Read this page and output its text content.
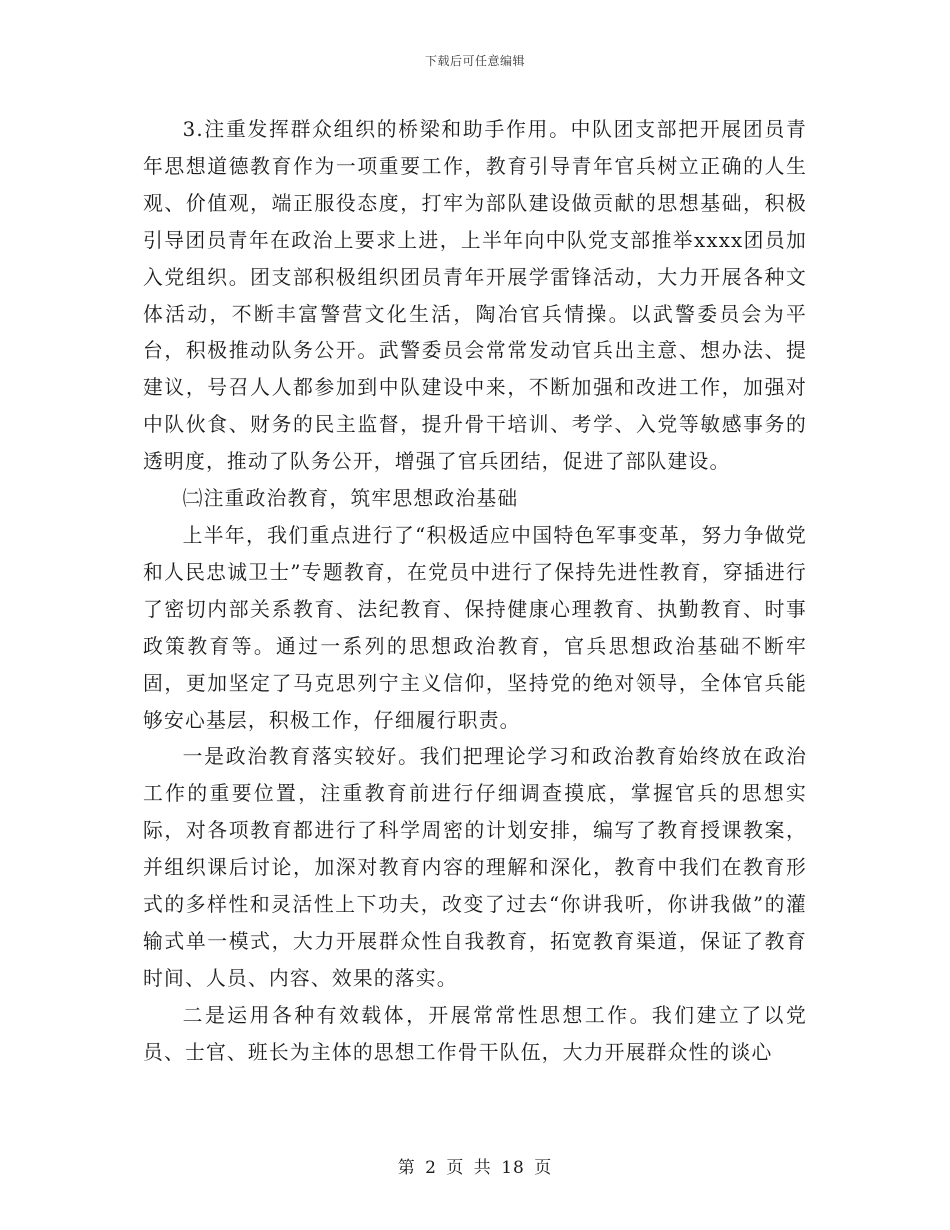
下载后可任意编辑

3.注重发挥群众组织的桥梁和助手作用。中队团支部把开展团员青年思想道德教育作为一项重要工作，教育引导青年官兵树立正确的人生观、价值观，端正服役态度，打牢为部队建设做贡献的思想基础，积极引导团员青年在政治上要求上进，上半年向中队党支部推举xxxx团员加入党组织。团支部积极组织团员青年开展学雷锋活动，大力开展各种文体活动，不断丰富警营文化生活，陶冶官兵情操。以武警委员会为平台，积极推动队务公开。武警委员会常常发动官兵出主意、想办法、提建议，号召人人都参加到中队建设中来，不断加强和改进工作，加强对中队伙食、财务的民主监督，提升骨干培训、考学、入党等敏感事务的透明度，推动了队务公开，增强了官兵团结，促进了部队建设。

㈡注重政治教育，筑牢思想政治基础

上半年，我们重点进行了“积极适应中国特色军事变革，努力争做党和人民忠诚卫士”专题教育，在党员中进行了保持先进性教育，穿插进行了密切内部关系教育、法纪教育、保持健康心理教育、执勤教育、时事政策教育等。通过一系列的思想政治教育，官兵思想政治基础不断牢固，更加坚定了马克思列宁主义信仰，坚持党的绝对领导，全体官兵能够安心基层，积极工作，仔细履行职责。

一是政治教育落实较好。我们把理论学习和政治教育始终放在政治工作的重要位置，注重教育前进行仔细调查摸底，掌握官兵的思想实际，对各项教育都进行了科学周密的计划安排，编写了教育授课教案，并组织课后讨论，加深对教育内容的理解和深化，教育中我们在教育形式的多样性和灵活性上下功夫，改变了过去“你讲我听，你讲我做”的灌输式单一模式，大力开展群众性自我教育，拓宽教育渠道，保证了教育时间、人员、内容、效果的落实。

二是运用各种有效载体，开展常常性思想工作。我们建立了以党员、士官、班长为主体的思想工作骨干队伍，大力开展群众性的谈心

第 2 页 共 18 页
